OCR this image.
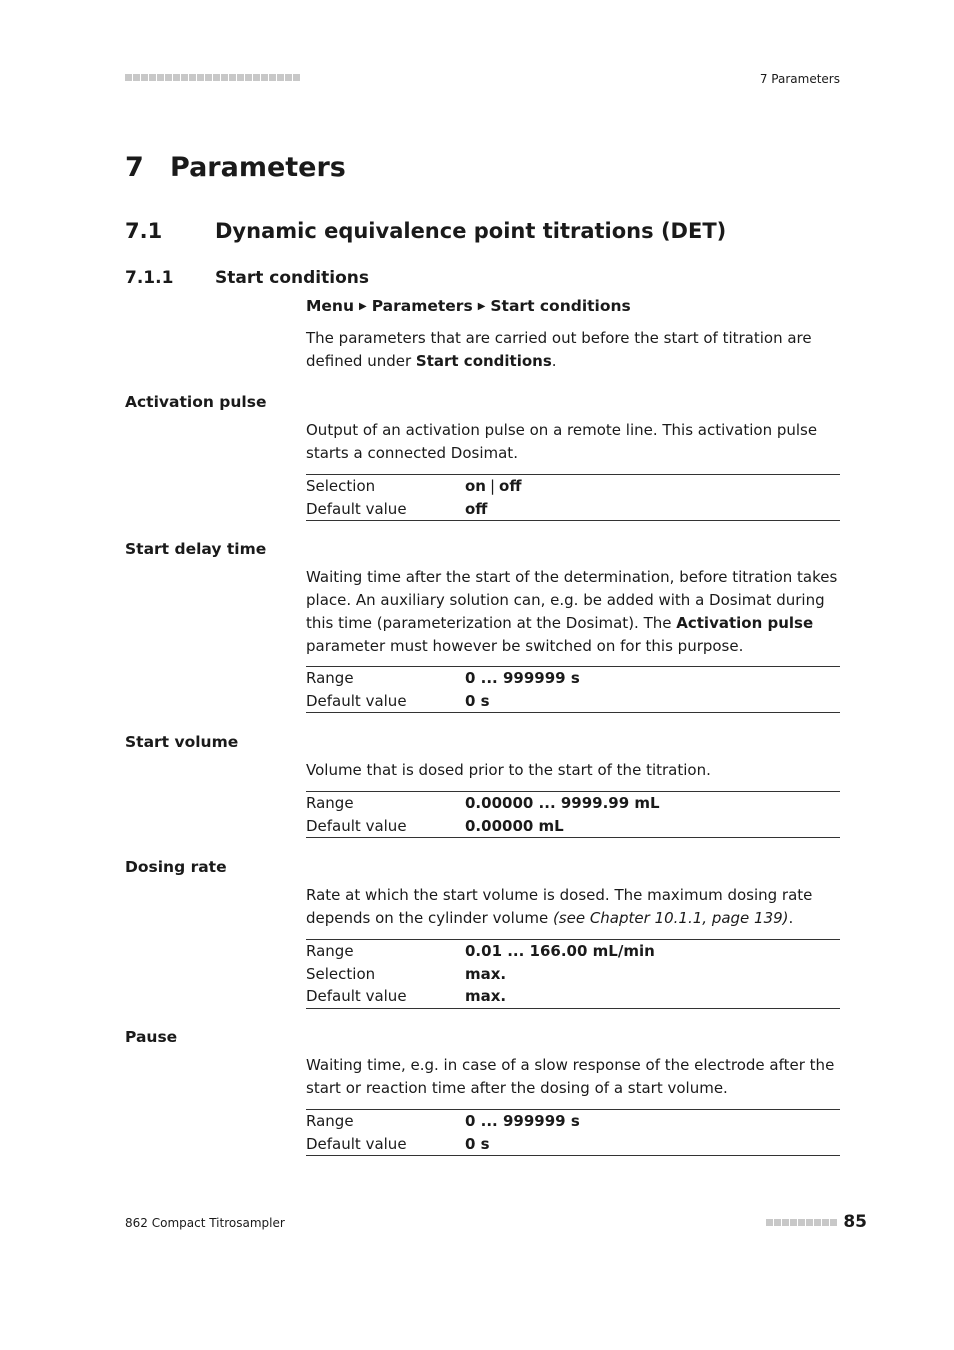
7 Parameters
7 Parameters
7.1	Dynamic equivalence point titrations (DET)
7.1.1 Start conditions
Menu ▶ Parameters ▶ Start conditions
The parameters that are carried out before the start of titration are defined under Start conditions.
Activation pulse
Output of an activation pulse on a remote line. This activation pulse starts a connected Dosimat.
Selection	on | off
Default value	off
Start delay time
Waiting time after the start of the determination, before titration takes place. An auxiliary solution can, e.g. be added with a Dosimat during this time (parameterization at the Dosimat). The Activation pulse parameter must however be switched on for this purpose.
Range	0 ... 999999 s
Default value	0 s
Start volume
Volume that is dosed prior to the start of the titration.
Range	0.00000 ... 9999.99 mL
Default value	0.00000 mL
Dosing rate
Rate at which the start volume is dosed. The maximum dosing rate depends on the cylinder volume (see Chapter 10.1.1, page 139).
Range	0.01 ... 166.00 mL/min
Selection	max.
Default value	max.
Pause
Waiting time, e.g. in case of a slow response of the electrode after the start or reaction time after the dosing of a start volume.
Range	0 ... 999999 s
Default value	0 s
862 Compact Titrosampler	85
